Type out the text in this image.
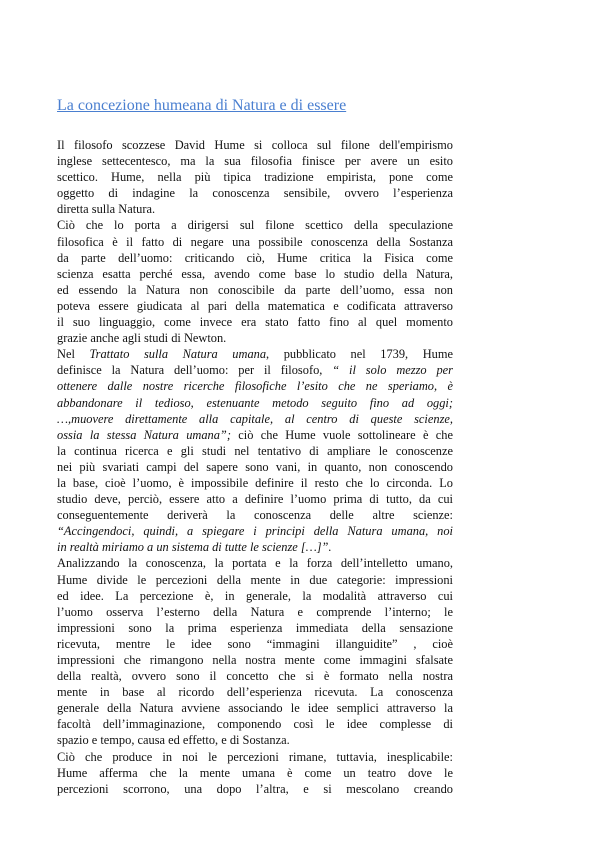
La concezione humeana di Natura e di essere
Il filosofo scozzese David Hume si colloca sul filone dell'empirismo
inglese settecentesco, ma la sua filosofia finisce per avere un esito
scettico. Hume, nella più tipica tradizione empirista, pone come
oggetto di indagine la conoscenza sensibile, ovvero l’esperienza
diretta sulla Natura.
Ciò che lo porta a dirigersi sul filone scettico della speculazione
filosofica è il fatto di negare una possibile conoscenza della Sostanza
da parte dell’uomo: criticando ciò, Hume critica la Fisica come
scienza esatta perché essa, avendo come base lo studio della Natura,
ed essendo la Natura non conoscibile da parte dell’uomo, essa non
poteva essere giudicata al pari della matematica e codificata attraverso
il suo linguaggio, come invece era stato fatto fino al quel momento
grazie anche agli studi di Newton.
Nel Trattato sulla Natura umana, pubblicato nel 1739, Hume
definisce la Natura dell’uomo: per il filosofo, “ il solo mezzo per
ottenere dalle nostre ricerche filosofiche l’esito che ne speriamo, è
abbandonare il tedioso, estenuante metodo seguito fino ad oggi;
…,muovere direttamente alla capitale, al centro di queste scienze,
ossia la stessa Natura umana”; ciò che Hume vuole sottolineare è che
la continua ricerca e gli studi nel tentativo di ampliare le conoscenze
nei più svariati campi del sapere sono vani, in quanto, non conoscendo
la base, cioè l’uomo, è impossibile definire il resto che lo circonda. Lo
studio deve, perciò, essere atto a definire l’uomo prima di tutto, da cui
conseguentemente deriverà la conoscenza delle altre scienze:
“Accingendoci, quindi, a spiegare i principi della Natura umana, noi
in realtà miriamo a un sistema di tutte le scienze […]”.
Analizzando la conoscenza, la portata e la forza dell’intelletto umano,
Hume divide le percezioni della mente in due categorie: impressioni
ed idee. La percezione è, in generale, la modalità attraverso cui
l’uomo osserva l’esterno della Natura e comprende l’interno; le
impressioni sono la prima esperienza immediata della sensazione
ricevuta, mentre le idee sono “immagini illanguidite” , cioè
impressioni che rimangono nella nostra mente come immagini sfalsate
della realtà, ovvero sono il concetto che si è formato nella nostra
mente in base al ricordo dell’esperienza ricevuta. La conoscenza
generale della Natura avviene associando le idee semplici attraverso la
facoltà dell’immaginazione, componendo così le idee complesse di
spazio e tempo, causa ed effetto, e di Sostanza.
Ciò che produce in noi le percezioni rimane, tuttavia, inesplicabile:
Hume afferma che la mente umana è come un teatro dove le
percezioni scorrono, una dopo l’altra, e si mescolano creando
